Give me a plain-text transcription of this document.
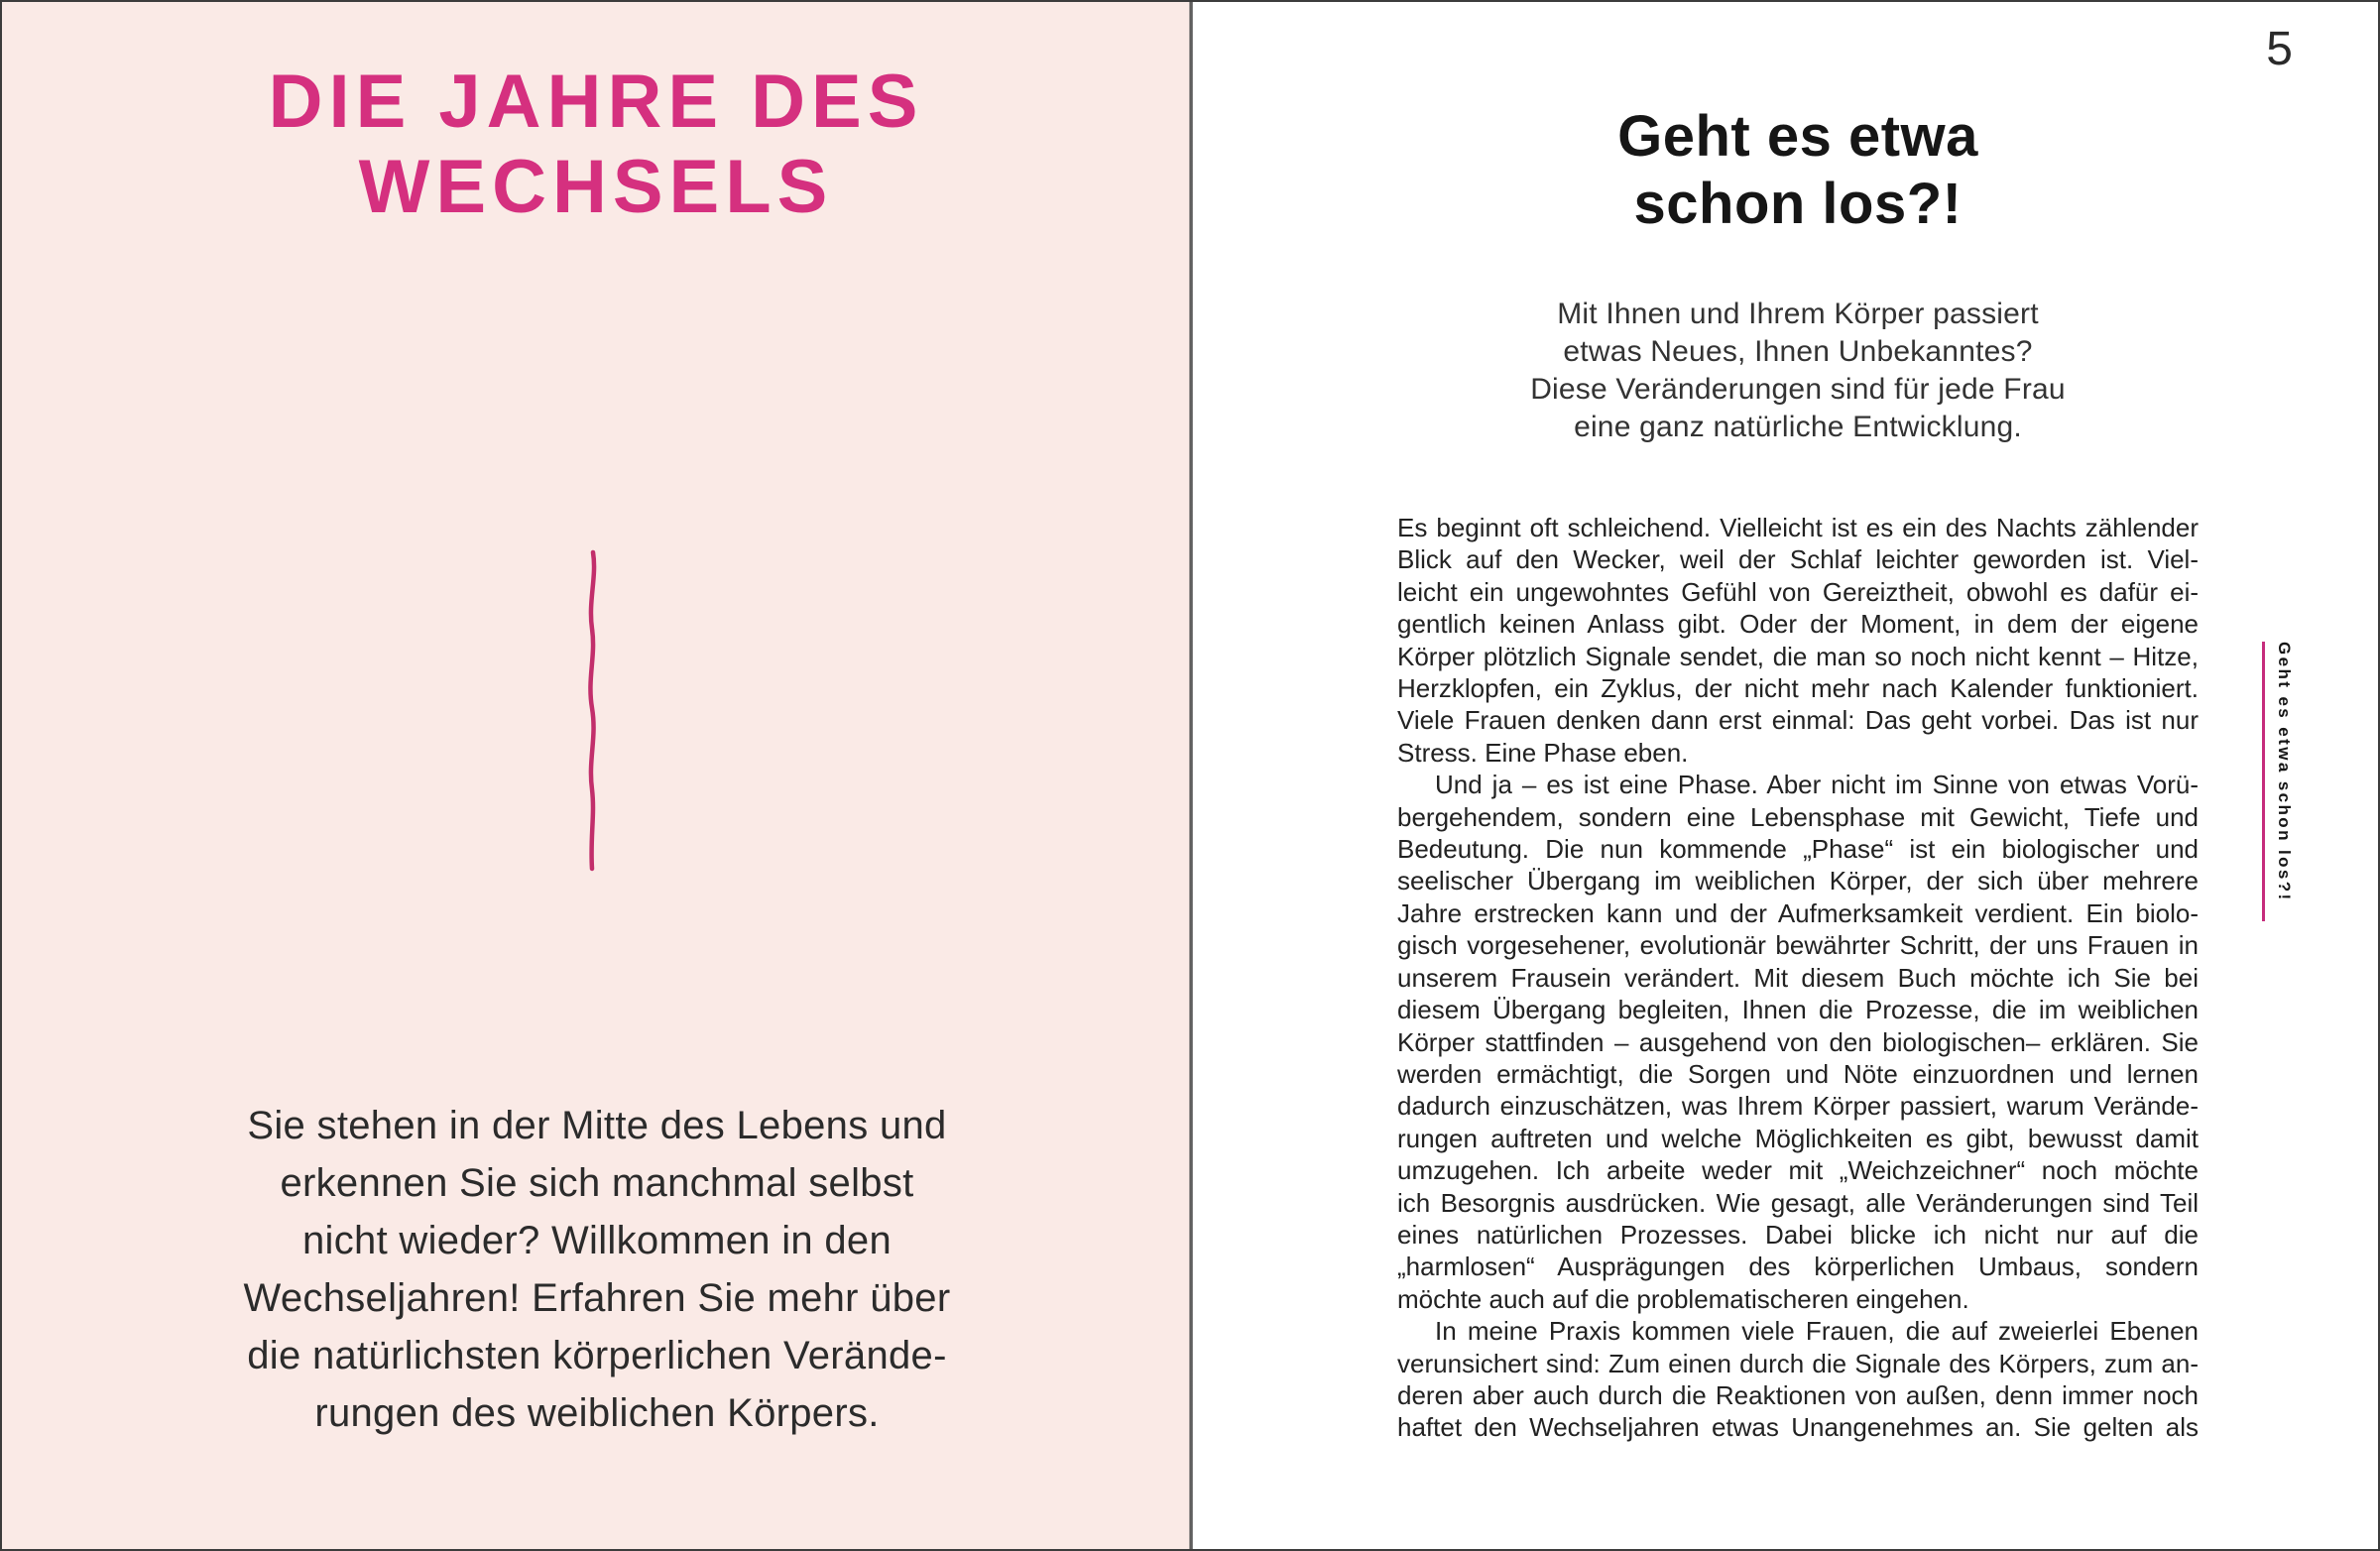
DIE JAHRE DES
WECHSELS
Sie stehen in der Mitte des Lebens und
erkennen Sie sich manchmal selbst
nicht wieder? Willkommen in den
Wechseljahren! Erfahren Sie mehr über
die natürlichsten körperlichen Verände-
rungen des weiblichen Körpers.
5
Geht es etwa
schon los?!
Mit Ihnen und Ihrem Körper passiert
etwas Neues, Ihnen Unbekanntes?
Diese Veränderungen sind für jede Frau
eine ganz natürliche Entwicklung.
Es beginnt oft schleichend. Vielleicht ist es ein des Nachts zählender
Blick auf den Wecker, weil der Schlaf leichter geworden ist. Viel-
leicht ein ungewohntes Gefühl von Gereiztheit, obwohl es dafür ei-
gentlich keinen Anlass gibt. Oder der Moment, in dem der eigene
Körper plötzlich Signale sendet, die man so noch nicht kennt – Hitze,
Herzklopfen, ein Zyklus, der nicht mehr nach Kalender funktioniert.
Viele Frauen denken dann erst einmal: Das geht vorbei. Das ist nur
Stress. Eine Phase eben.
Und ja – es ist eine Phase. Aber nicht im Sinne von etwas Vorü-
bergehendem, sondern eine Lebensphase mit Gewicht, Tiefe und
Bedeutung. Die nun kommende „Phase“ ist ein biologischer und
seelischer Übergang im weiblichen Körper, der sich über mehrere
Jahre erstrecken kann und der Aufmerksamkeit verdient. Ein biolo-
gisch vorgesehener, evolutionär bewährter Schritt, der uns Frauen in
unserem Frausein verändert. Mit diesem Buch möchte ich Sie bei
diesem Übergang begleiten, Ihnen die Prozesse, die im weiblichen
Körper stattfinden – ausgehend von den biologischen– erklären. Sie
werden ermächtigt, die Sorgen und Nöte einzuordnen und lernen
dadurch einzuschätzen, was Ihrem Körper passiert, warum Verände-
rungen auftreten und welche Möglichkeiten es gibt, bewusst damit
umzugehen. Ich arbeite weder mit „Weichzeichner“ noch möchte
ich Besorgnis ausdrücken. Wie gesagt, alle Veränderungen sind Teil
eines natürlichen Prozesses. Dabei blicke ich nicht nur auf die
„harmlosen“ Ausprägungen des körperlichen Umbaus, sondern
möchte auch auf die problematischeren eingehen.
In meine Praxis kommen viele Frauen, die auf zweierlei Ebenen
verunsichert sind: Zum einen durch die Signale des Körpers, zum an-
deren aber auch durch die Reaktionen von außen, denn immer noch
haftet den Wechseljahren etwas Unangenehmes an. Sie gelten als
Geht es etwa schon los?!
